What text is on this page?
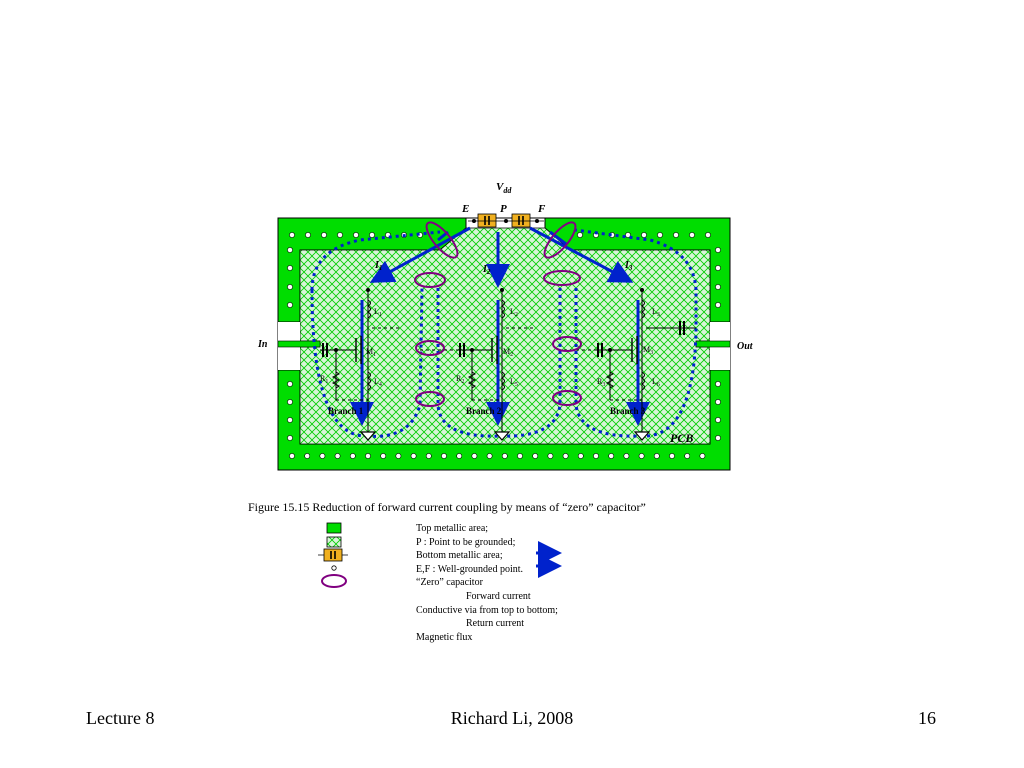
$V_{dd}$
E	P	F
In	Out
PCB
$I_1$	$I_2$
$I_3$
Branch 1	Branch 2	Branch 3
$L_1$	$L_2$	$L_3$
$L_4$	$L_5$	$L_6$
$M_1$	$M_2$
$M_3$
$R_1$	$R_2$	$R_3$
Figure 15.15 Reduction of forward current coupling by means of “zero” capacitor”
Top metallic area;
P : Point to be grounded;
Bottom metallic area;
E,F : Well-grounded point.
“Zero” capacitor
Forward current
Conductive via from top to bottom;
Return current
Magnetic flux
Lecture 8	Richard Li, 2008	16
